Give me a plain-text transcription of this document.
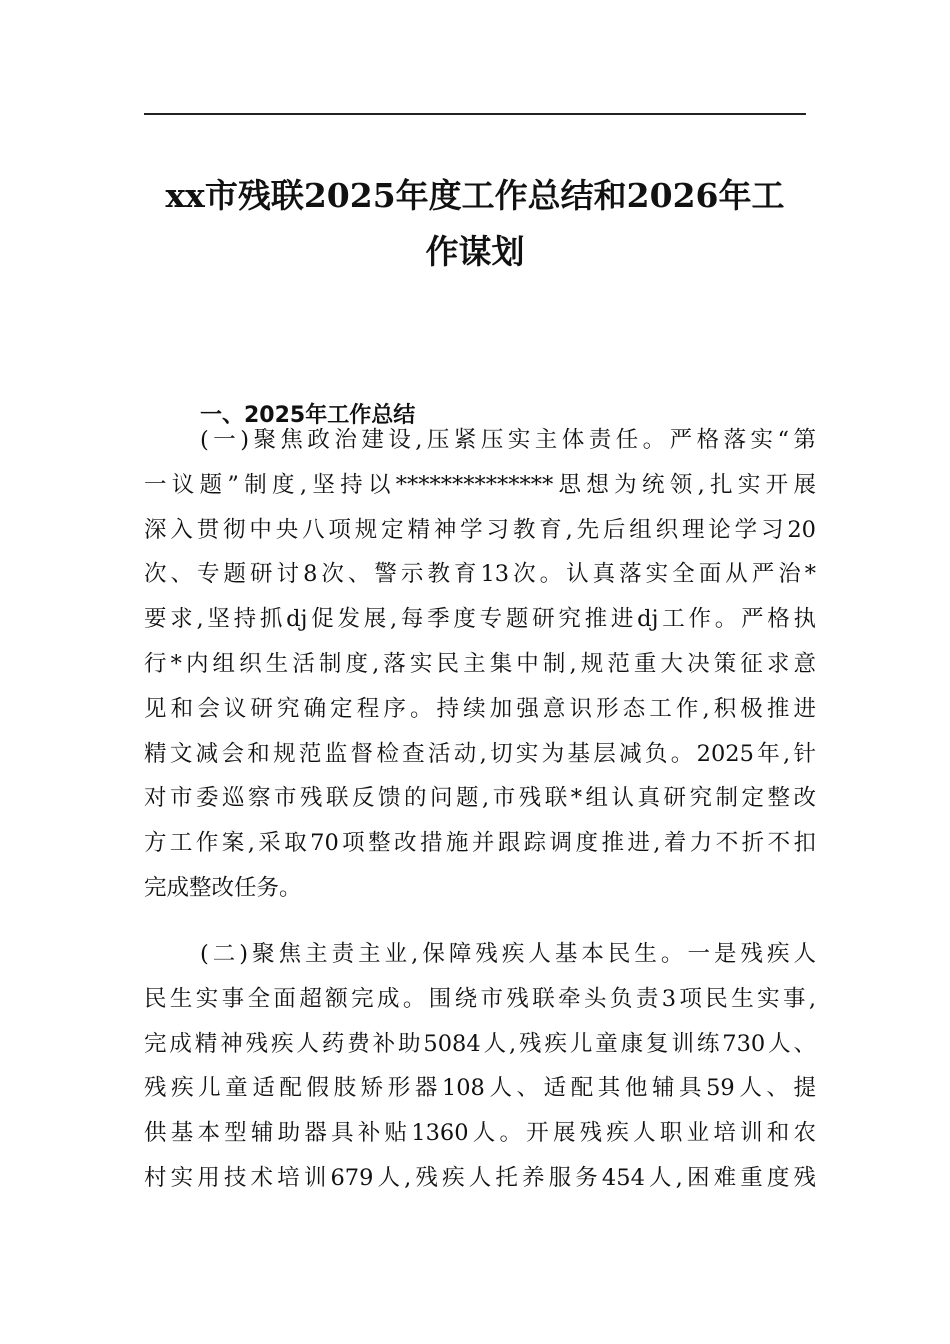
xx市残联2025年度工作总结和2026年工
作谋划
一、2025年工作总结
(一)聚焦政治建设,压紧压实主体责任。严格落实“第
一议题”制度,坚持以**************思想为统领,扎实开展
深入贯彻中央八项规定精神学习教育,先后组织理论学习20
次、专题研讨8次、警示教育13次。认真落实全面从严治*
要求,坚持抓dj促发展,每季度专题研究推进dj工作。严格执
行*内组织生活制度,落实民主集中制,规范重大决策征求意
见和会议研究确定程序。持续加强意识形态工作,积极推进
精文减会和规范监督检查活动,切实为基层减负。2025年,针
对市委巡察市残联反馈的问题,市残联*组认真研究制定整改
方工作案,采取70项整改措施并跟踪调度推进,着力不折不扣
完成整改任务。
(二)聚焦主责主业,保障残疾人基本民生。一是残疾人
民生实事全面超额完成。围绕市残联牵头负责3项民生实事,
完成精神残疾人药费补助5084人,残疾儿童康复训练730人、
残疾儿童适配假肢矫形器108人、适配其他辅具59人、提
供基本型辅助器具补贴1360人。开展残疾人职业培训和农
村实用技术培训679人,残疾人托养服务454人,困难重度残
